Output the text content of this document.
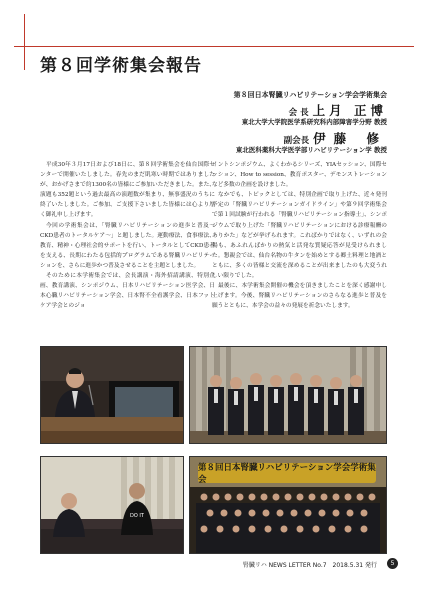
第８回学術集会報告
第８回日本腎臓リハビリテーション学会学術集会
会 長 上月 正博
東北大学大学院医学系研究科内部障害学分野 教授
副会長 伊藤 修
東北医科薬科大学医学部リハビリテーション学 教授

平成30年３月17日および18日に、第８回学術集会を仙台国際センターで開催いたしました。春先のまだ肌寒い時期ではありましたが、おかげさまで約1300名の皆様にご参加いただきました。また、演題も352題という過去最高の演題数が集まり、無事盛況のうちに終了いたしました。ご参加、ご支援下さいました皆様には心より厚く御礼申し上げます。

今回の学術集会は、「腎臓リハビリテーションの進歩と普及～CKD患者のトータルケア～」と題しました。運動療法、食事療法、教育、精神・心理社会的サポートを行い、トータルとしてCKD患者を支える、長期にわたる包括的プログラムである腎臓リハビリテーションを、さらに進歩かつ普及させることを主題としました。

そのために本学術集会では、会長講演・海外招請講演、特別企画、教育講演、シンポジウム、日本リハビリテーション医学会、日本心臓リハビリテーション学会、日本腎不全看護学会、日本フットケア学会とのジョ

イントシンポジウム、よくわかるシリーズ、YIAセッション、国際セッション、How to session、教育ポスター、デモンストレーションなど多数の企画を設けました。

なかでも、トピックとしては、特別企画で取り上げた、近々発刊予定の「腎臓リハビリテーションガイドライン」や第９回学術集会で第１回試験が行われる「腎臓リハビリテーション指導士」、シンポジウムで取り上げた「腎臓リハビリテーションにおける診療報酬のありかた」などが挙げられます。こればかりではなく、いずれの会場も、あふれんばかりの熱気と活発な質疑応答が見受けられました。懇親会では、仙台名物の牛タンを始めとする郷土料理と地酒とともに、多くの皆様と交流を深めることが出来ましたのも大変うれしい限りでした。

最後に、本学術集会開催の機会を頂きましたことを深く感謝申し上げます。今後、腎臓リハビリテーションのさらなる進歩と普及を願うとともに、本学会の益々の発展を祈念いたします。

DO IT
第８回日本腎臓リハビリテーション学会学術集会
腎臓リハ NEWS LETTER No.7　2018.5.31 発行	5
